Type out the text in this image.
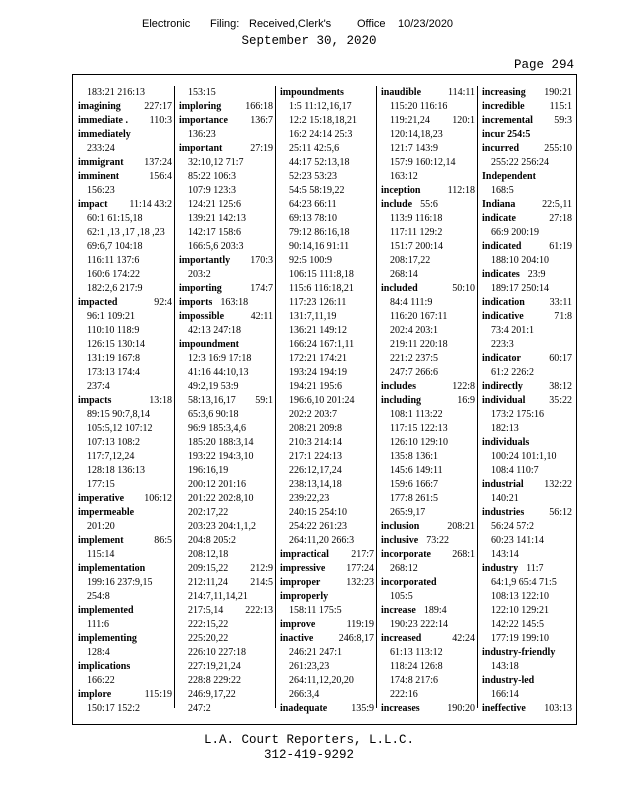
Electronic Filing: Received,Clerk's Office 10/23/2020
September 30, 2020
Page 294
183:21 216:13
imagining	227:17
immediate .	110:3
immediately
233:24
immigrant	137:24
imminent	156:4
156:23
impact	11:14 43:2
60:1 61:15,18
62:1 ,13 ,17 ,18 ,23
69:6,7 104:18
116:11 137:6
160:6 174:22
182:2,6 217:9
impacted	92:4
96:1 109:21
110:10 118:9
126:15 130:14
131:19 167:8
173:13 174:4
237:4
impacts	13:18
89:15 90:7,8,14
105:5,12 107:12
107:13 108:2
117:7,12,24
128:18 136:13
177:15
imperative	106:12
impermeable
201:20
implement	86:5
115:14
implementation
199:16 237:9,15
254:8
implemented
111:6
implementing
128:4
implications
166:22
implore	115:19
150:17 152:2
153:15
imploring	166:18
importance	136:7
136:23
important	27:19
32:10,12 71:7
85:22 106:3
107:9 123:3
124:21 125:6
139:21 142:13
142:17 158:6
166:5,6 203:3
importantly	170:3
203:2
importing	174:7
imports 163:18
impossible	42:11
42:13 247:18
impoundment
12:3 16:9 17:18
41:16 44:10,13
49:2,19 53:9
58:13,16,17	59:1
65:3,6 90:18
96:9 185:3,4,6
185:20 188:3,14
193:22 194:3,10
196:16,19
200:12 201:16
201:22 202:8,10
202:17,22
203:23 204:1,1,2
204:8 205:2
208:12,18
209:15,22	212:9
212:11,24	214:5
214:7,11,14,21
217:5,14	222:13
222:15,22
225:20,22
226:10 227:18
227:19,21,24
228:8 229:22
246:9,17,22
247:2
impoundments
1:5 11:12,16,17
12:2 15:18,18,21
16:2 24:14 25:3
25:11 42:5,6
44:17 52:13,18
52:23 53:23
54:5 58:19,22
64:23 66:11
69:13 78:10
79:12 86:16,18
90:14,16 91:11
92:5 100:9
106:15 111:8,18
115:6 116:18,21
117:23 126:11
131:7,11,19
136:21 149:12
166:24 167:1,11
172:21 174:21
193:24 194:19
194:21 195:6
196:6,10 201:24
202:2 203:7
208:21 209:8
210:3 214:14
217:1 224:13
226:12,17,24
238:13,14,18
239:22,23
240:15 254:10
254:22 261:23
264:11,20 266:3
impractical	217:7
impressive	177:24
improper	132:23
improperly
158:11 175:5
improve	119:19
inactive	246:8,17
246:21 247:1
261:23,23
264:11,12,20,20
266:3,4
inadequate	135:9
inaudible	114:11
115:20 116:16
119:21,24	120:1
120:14,18,23
121:7 143:9
157:9 160:12,14
163:12
inception	112:18
include 55:6
113:9 116:18
117:11 129:2
151:7 200:14
208:17,22
268:14
included	50:10
84:4 111:9
116:20 167:11
202:4 203:1
219:11 220:18
221:2 237:5
247:7 266:6
includes	122:8
including	16:9
108:1 113:22
117:15 122:13
126:10 129:10
135:8 136:1
145:6 149:11
159:6 166:7
177:8 261:5
265:9,17
inclusion	208:21
inclusive 73:22
incorporate	268:1
268:12
incorporated
105:5
increase 189:4
190:23 222:14
increased	42:24
61:13 113:12
118:24 126:8
174:8 217:6
222:16
increases	190:20
increasing	190:21
incredible	115:1
incremental	59:3
incur 254:5
incurred	255:10
255:22 256:24
Independent
168:5
Indiana	22:5,11
indicate	27:18
66:9 200:19
indicated	61:19
188:10 204:10
indicates 23:9
189:17 250:14
indication	33:11
indicative	71:8
73:4 201:1
223:3
indicator	60:17
61:2 226:2
indirectly	38:12
individual	35:22
173:2 175:16
182:13
individuals
100:24 101:1,10
108:4 110:7
industrial	132:22
140:21
industries	56:12
56:24 57:2
60:23 141:14
143:14
industry 11:7
64:1,9 65:4 71:5
108:13 122:10
122:10 129:21
142:22 145:5
177:19 199:10
industry-friendly
143:18
industry-led
166:14
ineffective	103:13
L.A. Court Reporters, L.L.C.
312-419-9292
